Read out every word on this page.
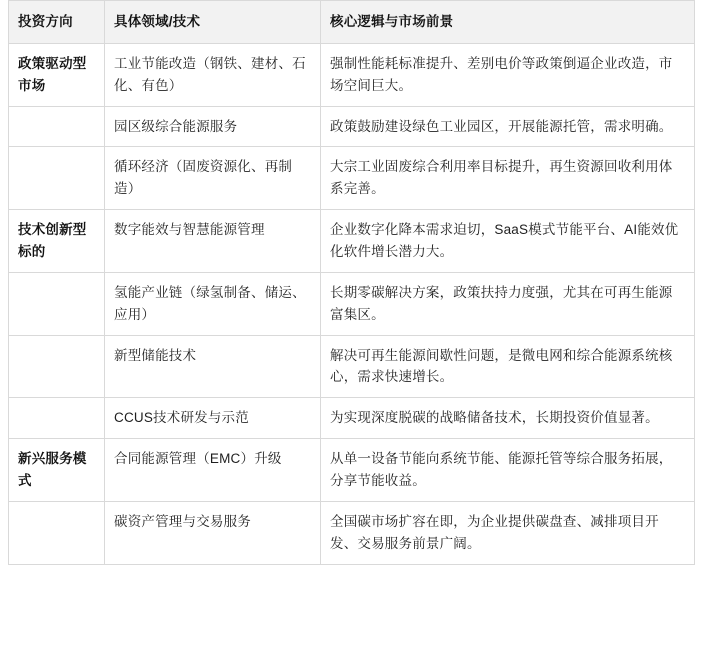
投资方向	具体领域/技术	核心逻辑与市场前景
政策驱动型市场	工业节能改造（钢铁、建材、石化、有色）	强制性能耗标准提升、差别电价等政策倒逼企业改造，市场空间巨大。
	园区级综合能源服务	政策鼓励建设绿色工业园区，开展能源托管，需求明确。
	循环经济（固废资源化、再制造）	大宗工业固废综合利用率目标提升，再生资源回收利用体系完善。
技术创新型标的	数字能效与智慧能源管理	企业数字化降本需求迫切，SaaS模式节能平台、AI能效优化软件增长潜力大。
	氢能产业链（绿氢制备、储运、应用）	长期零碳解决方案，政策扶持力度强，尤其在可再生能源富集区。
	新型储能技术	解决可再生能源间歇性问题，是微电网和综合能源系统核心，需求快速增长。
	CCUS技术研发与示范	为实现深度脱碳的战略储备技术，长期投资价值显著。
新兴服务模式	合同能源管理（EMC）升级	从单一设备节能向系统节能、能源托管等综合服务拓展，分享节能收益。
	碳资产管理与交易服务	全国碳市场扩容在即，为企业提供碳盘查、减排项目开发、交易服务前景广阔。
